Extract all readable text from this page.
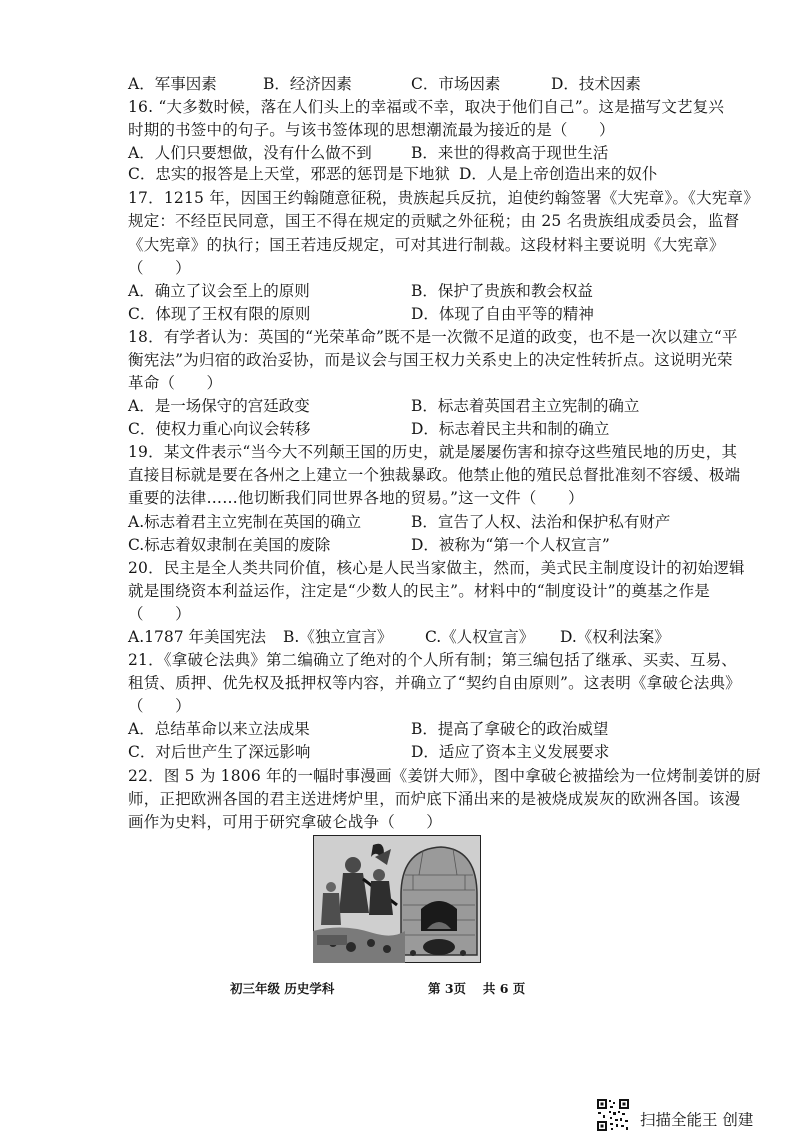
A．军事因素	B．经济因素	C．市场因素	D．技术因素
16. “大多数时候，落在人们头上的幸福或不幸，取决于他们自己”。这是描写文艺复兴
时期的书签中的句子。与该书签体现的思想潮流最为接近的是（　　）
A．人们只要想做，没有什么做不到	B．来世的得救高于现世生活
C．忠实的报答是上天堂，邪恶的惩罚是下地狱 D．人是上帝创造出来的奴仆
17．1215 年，因国王约翰随意征税，贵族起兵反抗，迫使约翰签署《大宪章》。《大宪章》
规定：不经臣民同意，国王不得在规定的贡赋之外征税；由 25 名贵族组成委员会，监督
《大宪章》的执行；国王若违反规定，可对其进行制裁。这段材料主要说明《大宪章》
（　　）
A．确立了议会至上的原则	B．保护了贵族和教会权益
C．体现了王权有限的原则	D．体现了自由平等的精神
18．有学者认为：英国的“光荣革命”既不是一次微不足道的政变，也不是一次以建立“平
衡宪法”为归宿的政治妥协，而是议会与国王权力关系史上的决定性转折点。这说明光荣
革命（　　）
A．是一场保守的宫廷政变	B．标志着英国君主立宪制的确立
C．使权力重心向议会转移	D．标志着民主共和制的确立
19．某文件表示“当今大不列颠王国的历史，就是屡屡伤害和掠夺这些殖民地的历史，其
直接目标就是要在各州之上建立一个独裁暴政。他禁止他的殖民总督批准刻不容缓、极端
重要的法律……他切断我们同世界各地的贸易。”这一文件（　　）
A.标志着君主立宪制在英国的确立	B．宣告了人权、法治和保护私有财产
C.标志着奴隶制在美国的废除	D．被称为“第一个人权宣言”
20．民主是全人类共同价值，核心是人民当家做主，然而，美式民主制度设计的初始逻辑
就是围绕资本利益运作，注定是“少数人的民主”。材料中的“制度设计”的奠基之作是
（　　）
A.1787 年美国宪法 B.《独立宣言》 C.《人权宣言》 D.《权利法案》
21．《拿破仑法典》第二编确立了绝对的个人所有制；第三编包括了继承、买卖、互易、
租赁、质押、优先权及抵押权等内容，并确立了“契约自由原则”。这表明《拿破仑法典》
（　　）
A．总结革命以来立法成果	B．提高了拿破仑的政治威望
C．对后世产生了深远影响	D．适应了资本主义发展要求
22．图 5 为 1806 年的一幅时事漫画《姜饼大师》，图中拿破仑被描绘为一位烤制姜饼的厨
师，正把欧洲各国的君主送进烤炉里，而炉底下涌出来的是被烧成炭灰的欧洲各国。该漫
画作为史料，可用于研究拿破仑战争（　　）
初三年级 历史学科	第 3页　 共 6 页
扫描全能王 创建
